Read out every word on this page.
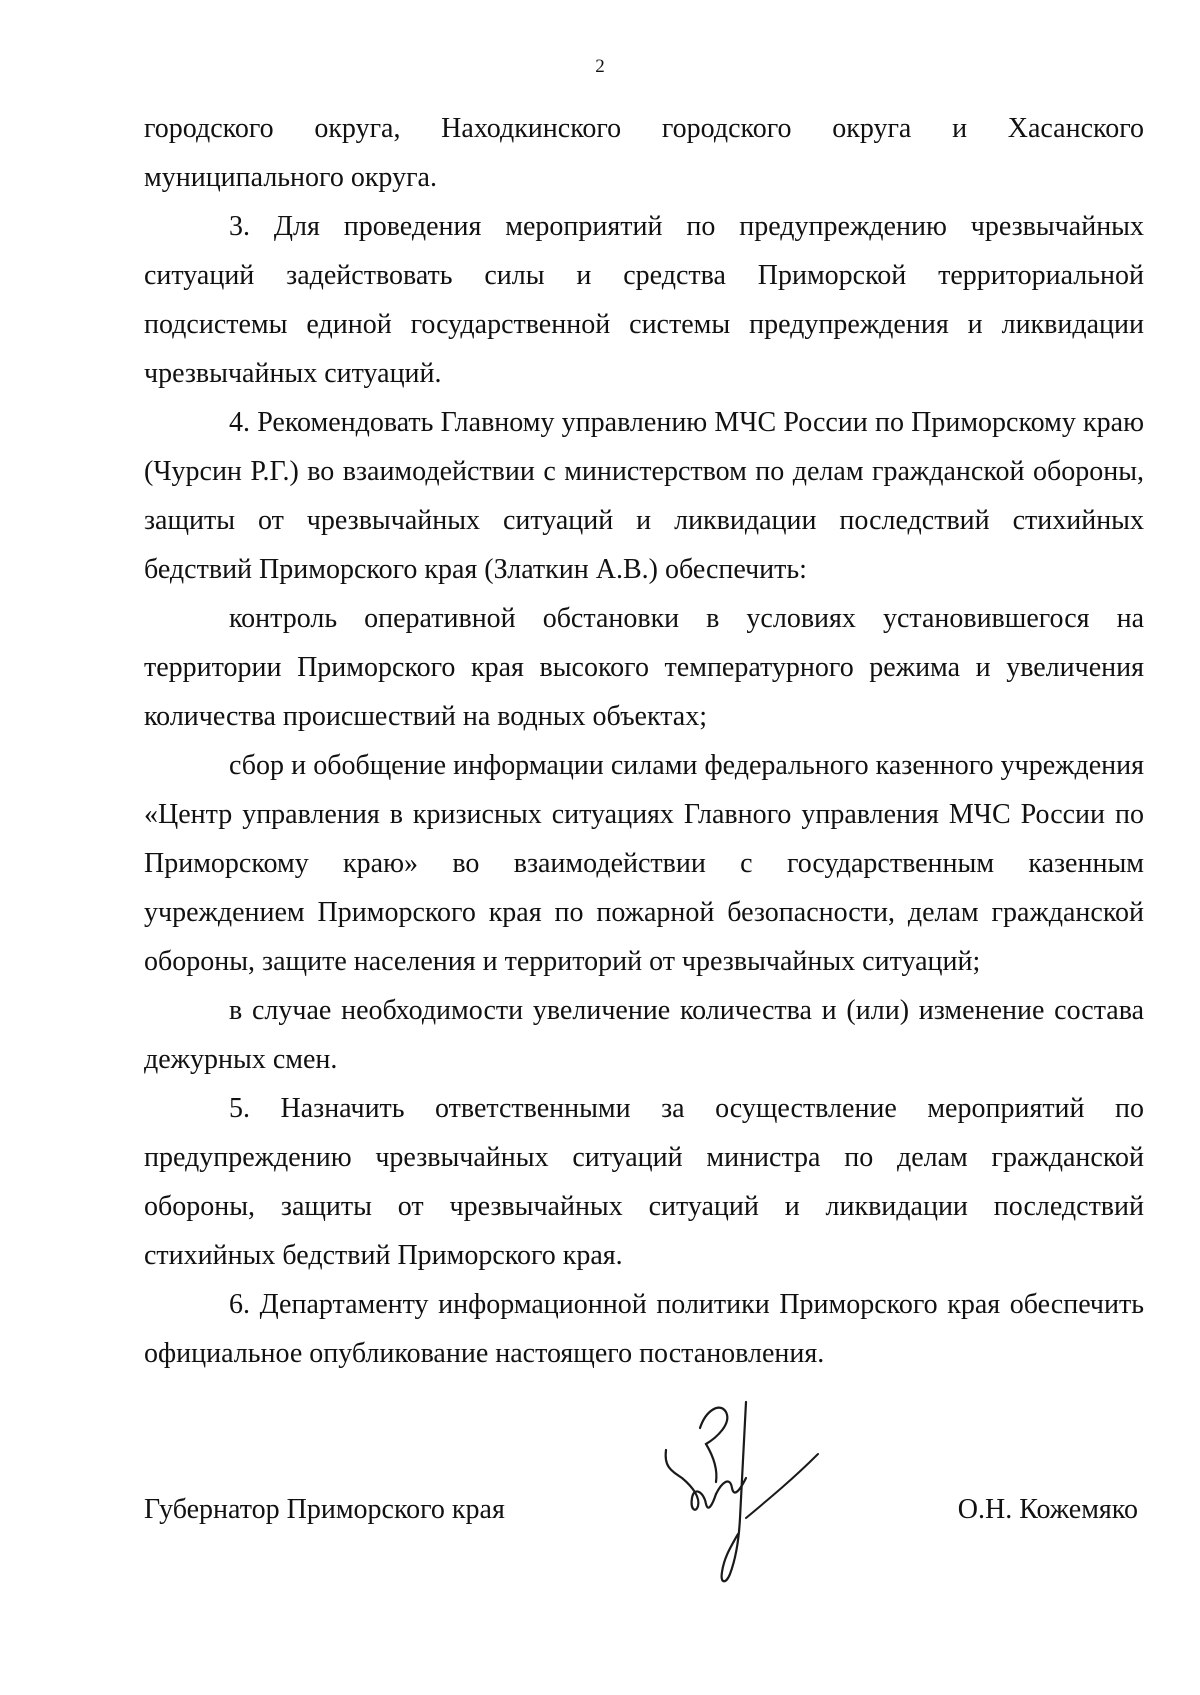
2

городского округа, Находкинского городского округа и Хасанского муниципального округа.

3. Для проведения мероприятий по предупреждению чрезвычайных ситуаций задействовать силы и средства Приморской территориальной подсистемы единой государственной системы предупреждения и ликвидации чрезвычайных ситуаций.

4. Рекомендовать Главному управлению МЧС России по Приморскому краю (Чурсин Р.Г.) во взаимодействии с министерством по делам гражданской обороны, защиты от чрезвычайных ситуаций и ликвидации последствий стихийных бедствий Приморского края (Златкин А.В.) обеспечить:

контроль оперативной обстановки в условиях установившегося на территории Приморского края высокого температурного режима и увеличения количества происшествий на водных объектах;

сбор и обобщение информации силами федерального казенного учреждения «Центр управления в кризисных ситуациях Главного управления МЧС России по Приморскому краю» во взаимодействии с государственным казенным учреждением Приморского края по пожарной безопасности, делам гражданской обороны, защите населения и территорий от чрезвычайных ситуаций;

в случае необходимости увеличение количества и (или) изменение состава дежурных смен.

5. Назначить ответственными за осуществление мероприятий по предупреждению чрезвычайных ситуаций министра по делам гражданской обороны, защиты от чрезвычайных ситуаций и ликвидации последствий стихийных бедствий Приморского края.

6. Департаменту информационной политики Приморского края обеспечить официальное опубликование настоящего постановления.

Губернатор Приморского края	О.Н. Кожемяко
